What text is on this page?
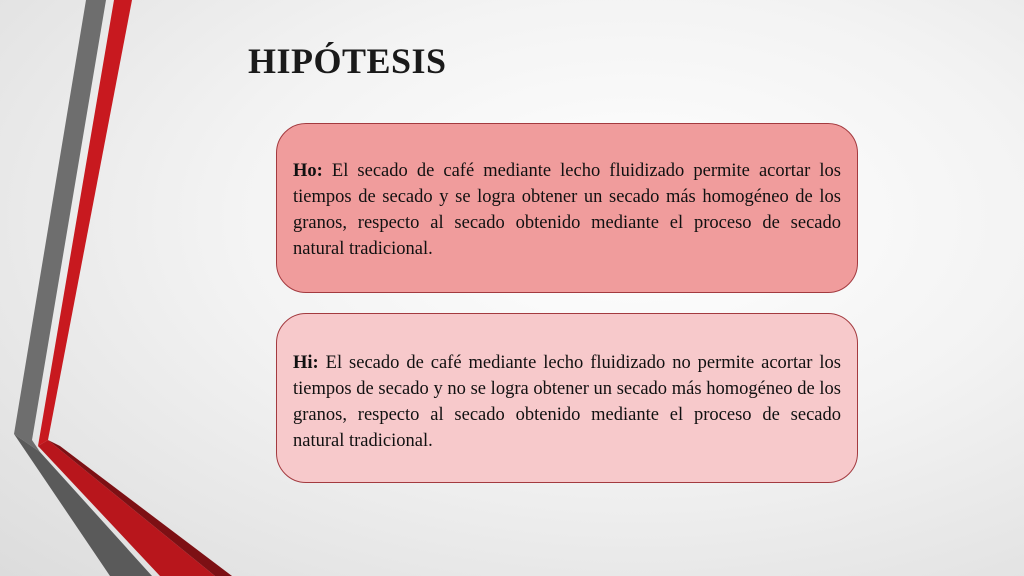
HIPÓTESIS
Ho: El secado de café mediante lecho fluidizado permite acortar los tiempos de secado y se logra obtener un secado más homogéneo de los granos, respecto al secado obtenido mediante el proceso de secado natural tradicional.
Hi: El secado de café mediante lecho fluidizado no permite acortar los tiempos de secado y no se logra obtener un secado más homogéneo de los granos, respecto al secado obtenido mediante el proceso de secado natural tradicional.
